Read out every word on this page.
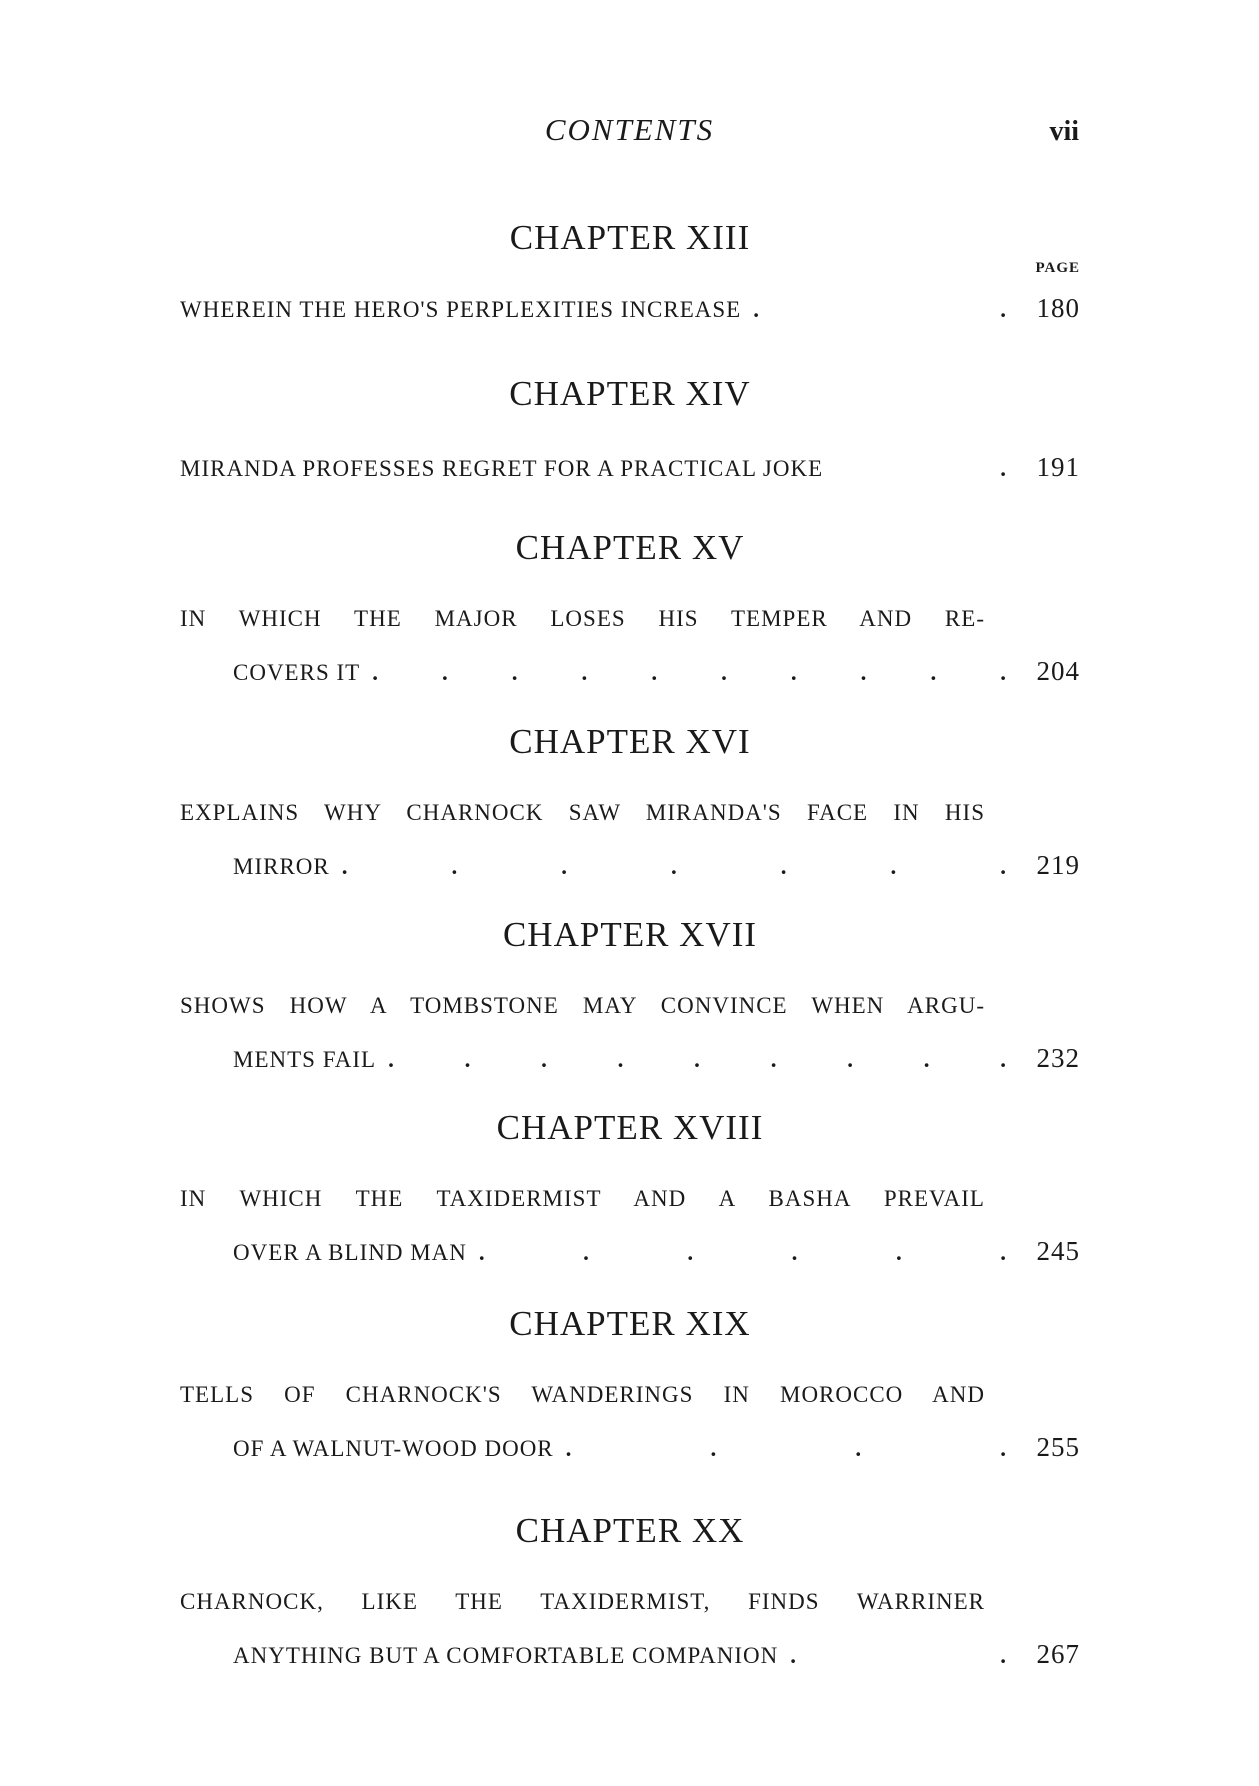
CONTENTS	vii
CHAPTER XIII
PAGE
WHEREIN THE HERO'S PERPLEXITIES INCREASE .	.	180
CHAPTER XIV
MIRANDA PROFESSES REGRET FOR A PRACTICAL JOKE	.	191
CHAPTER XV
IN WHICH THE MAJOR LOSES HIS TEMPER AND RE-
COVERS IT .	.	.	.	.	.	.	.	.	.	204
CHAPTER XVI
EXPLAINS WHY CHARNOCK SAW MIRANDA'S FACE IN HIS
MIRROR .	.	.	.	.	.	.	219
CHAPTER XVII
SHOWS HOW A TOMBSTONE MAY CONVINCE WHEN ARGU-
MENTS FAIL .	.	.	.	.	.	.	.	.	232
CHAPTER XVIII
IN WHICH THE TAXIDERMIST AND A BASHA PREVAIL
OVER A BLIND MAN .	.	.	.	.	.	245
CHAPTER XIX
TELLS OF CHARNOCK'S WANDERINGS IN MOROCCO AND
OF A WALNUT-WOOD DOOR .	.	.	.	255
CHAPTER XX
CHARNOCK, LIKE THE TAXIDERMIST, FINDS WARRINER
ANYTHING BUT A COMFORTABLE COMPANION .	.	267
